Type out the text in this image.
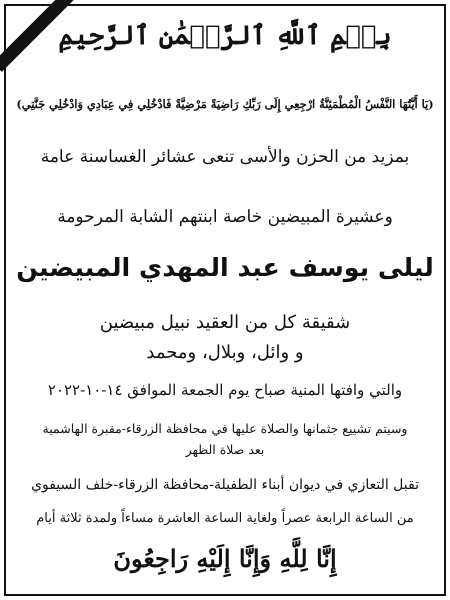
بِسۡمِ ٱللَّهِ ٱلرَّحۡمَٰنِ ٱلرَّحِيمِ
(يَا أَيَّتُهَا النَّفْسُ الْمُطْمَئِنَّةُ ارْجِعِي إِلَى رَبِّكِ رَاضِيَةً مَرْضِيَّةً فَادْخُلِي فِي عِبَادِي وَادْخُلِي جَنَّتِي)
بمزيد من الحزن والأسى تنعى عشائر الغساسنة عامة
وعشيرة المبيضين خاصة ابنتهم الشابة المرحومة
ليلى يوسف عبد المهدي المبيضين
شقيقة كل من العقيد نبيل مبيضين
و وائل، وبلال، ومحمد
والتي وافتها المنية صباح يوم الجمعة الموافق ١٤-١٠-٢٠٢٢
وسيتم تشييع جثمانها والصلاة عليها في محافظة الزرقاء-مقبرة الهاشمية
بعد صلاة الظهر
تقبل التعازي في ديوان أبناء الطفيلة-محافظة الزرقاء-خلف السيفوي
من الساعة الرابعة عصراً ولغاية الساعة العاشرة مساءاً ولمدة ثلاثة أيام
إِنَّا لِلَّهِ وَإِنَّا إِلَيْهِ رَاجِعُونَ
